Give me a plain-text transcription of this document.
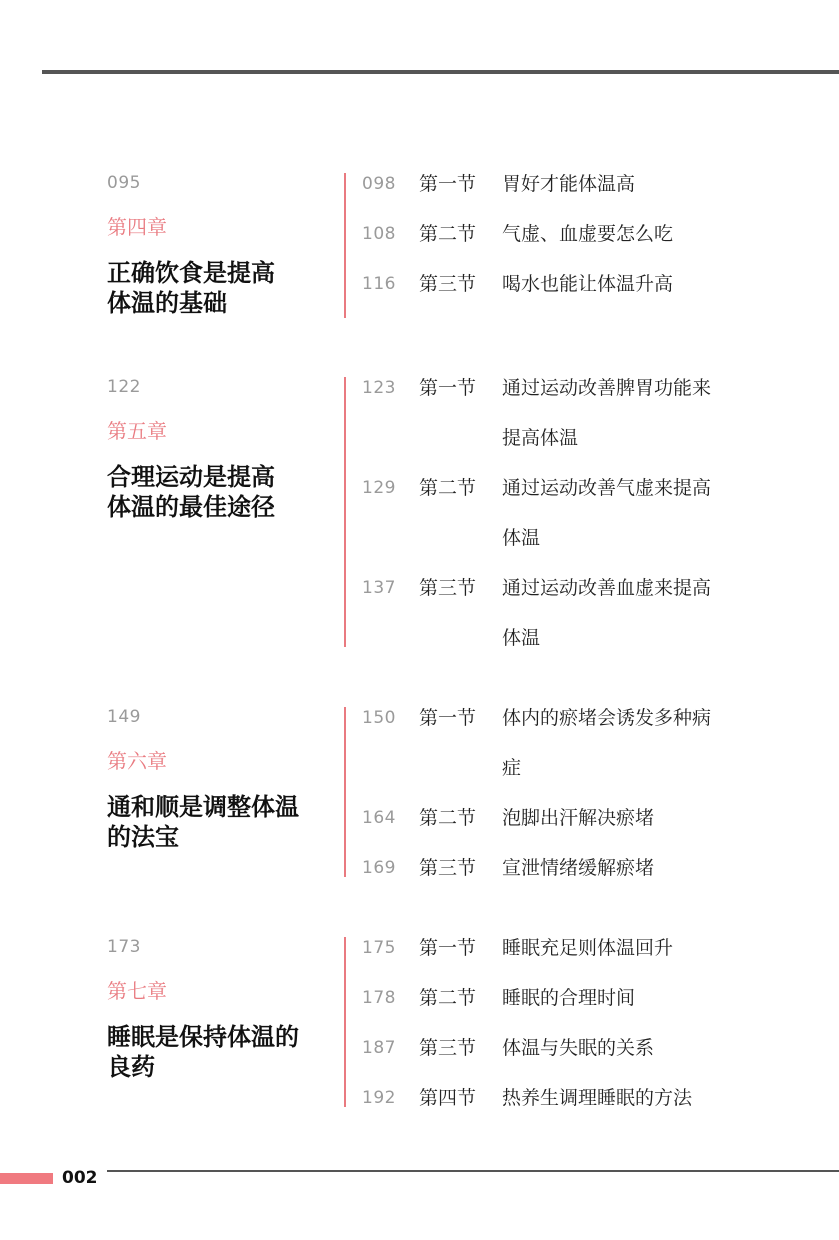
095
第四章
正确饮食是提高
体温的基础
098	第一节 胃好才能体温高
108	第二节 气虚、血虚要怎么吃
116	第三节 喝水也能让体温升高
122
第五章
合理运动是提高
体温的最佳途径
123	第一节 通过运动改善脾胃功能来提高体温
129	第二节 通过运动改善气虚来提高体温
137	第三节 通过运动改善血虚来提高体温
149
第六章
通和顺是调整体温
的法宝
150	第一节 体内的瘀堵会诱发多种病症
164	第二节 泡脚出汗解决瘀堵
169	第三节 宣泄情绪缓解瘀堵
173
第七章
睡眠是保持体温的
良药
175	第一节 睡眠充足则体温回升
178	第二节 睡眠的合理时间
187	第三节 体温与失眠的关系
192	第四节 热养生调理睡眠的方法
002
